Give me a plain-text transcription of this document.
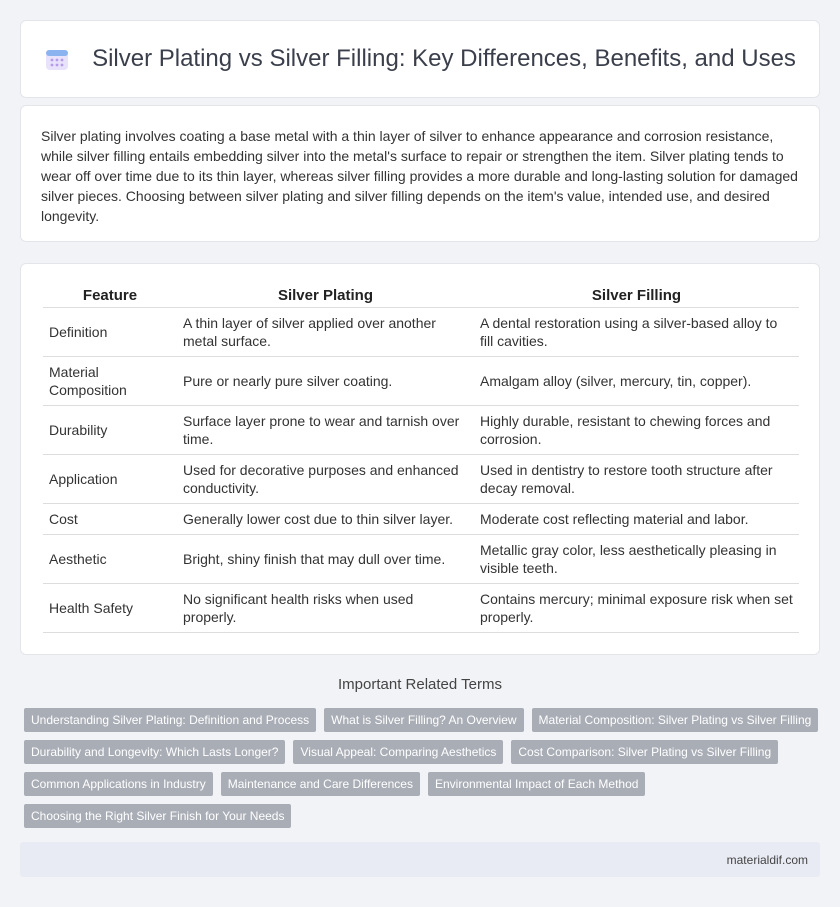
Silver Plating vs Silver Filling: Key Differences, Benefits, and Uses

Silver plating involves coating a base metal with a thin layer of silver to enhance appearance and corrosion resistance, while silver filling entails embedding silver into the metal's surface to repair or strengthen the item. Silver plating tends to wear off over time due to its thin layer, whereas silver filling provides a more durable and long-lasting solution for damaged silver pieces. Choosing between silver plating and silver filling depends on the item's value, intended use, and desired longevity.

Feature	Silver Plating	Silver Filling
Definition	A thin layer of silver applied over another metal surface.	A dental restoration using a silver-based alloy to fill cavities.
Material Composition	Pure or nearly pure silver coating.	Amalgam alloy (silver, mercury, tin, copper).
Durability	Surface layer prone to wear and tarnish over time.	Highly durable, resistant to chewing forces and corrosion.
Application	Used for decorative purposes and enhanced conductivity.	Used in dentistry to restore tooth structure after decay removal.
Cost	Generally lower cost due to thin silver layer.	Moderate cost reflecting material and labor.
Aesthetic	Bright, shiny finish that may dull over time.	Metallic gray color, less aesthetically pleasing in visible teeth.
Health Safety	No significant health risks when used properly.	Contains mercury; minimal exposure risk when set properly.
Important Related Terms
Understanding Silver Plating: Definition and Process	What is Silver Filling? An Overview	Material Composition: Silver Plating vs Silver Filling
Durability and Longevity: Which Lasts Longer?	Visual Appeal: Comparing Aesthetics	Cost Comparison: Silver Plating vs Silver Filling
Common Applications in Industry	Maintenance and Care Differences	Environmental Impact of Each Method
Choosing the Right Silver Finish for Your Needs
materialdif.com
